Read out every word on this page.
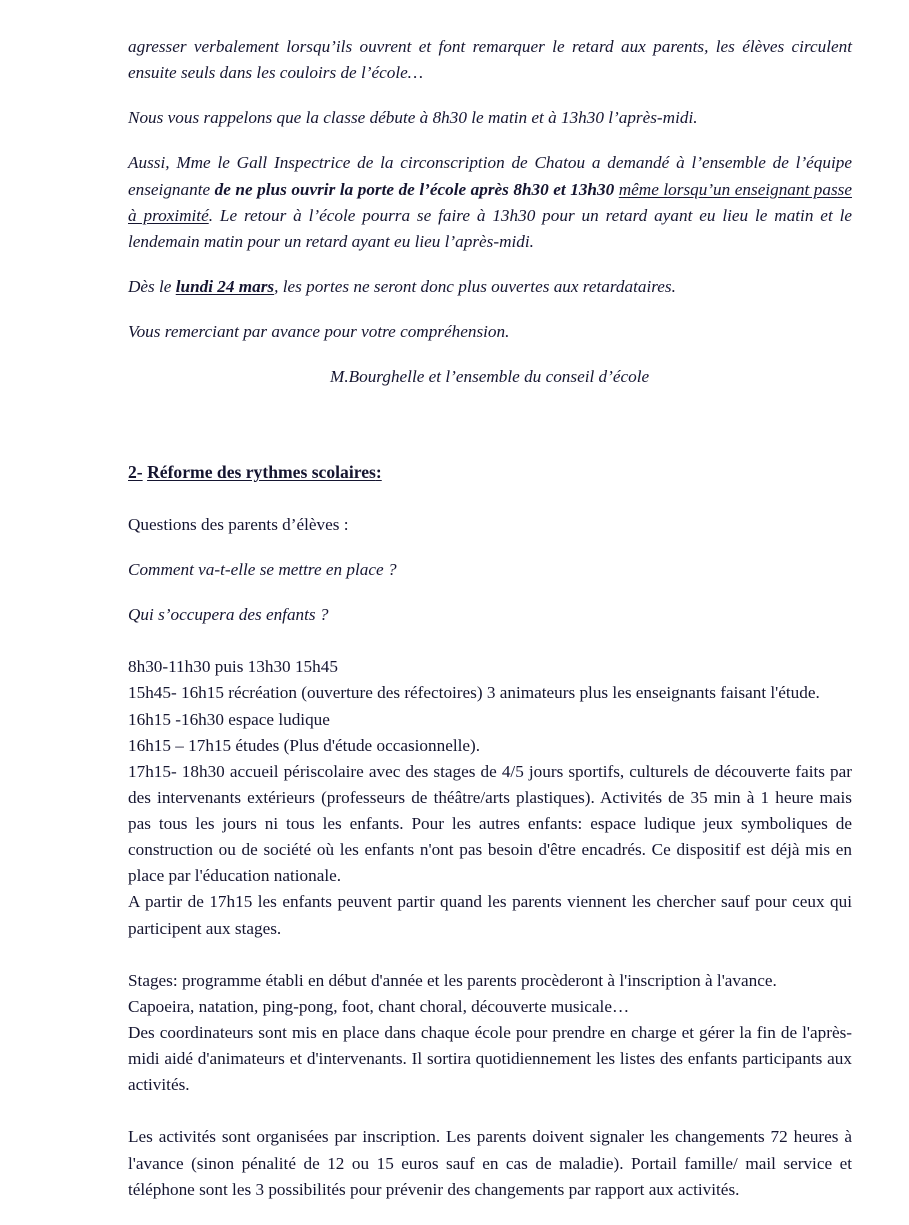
agresser verbalement lorsqu’ils ouvrent et font remarquer le retard aux parents, les élèves circulent ensuite seuls dans les couloirs de l’école…

Nous vous rappelons que la classe débute à 8h30 le matin et à 13h30 l’après-midi.

Aussi, Mme le Gall Inspectrice de la circonscription de Chatou a demandé à l’ensemble de l’équipe enseignante de ne plus ouvrir la porte de l’école après 8h30 et 13h30 même lorsqu’un enseignant passe à proximité. Le retour à l’école pourra se faire à 13h30 pour un retard ayant eu lieu le matin et le lendemain matin pour un retard ayant eu lieu l’après-midi.

Dès le lundi 24 mars, les portes ne seront donc plus ouvertes aux retardataires.

Vous remerciant par avance pour votre compréhension.

M.Bourghelle et l’ensemble du conseil d’école

2- Réforme des rythmes scolaires:

Questions des parents d’élèves :

Comment va-t-elle se mettre en place ?

Qui s’occupera des enfants ?

8h30-11h30 puis 13h30 15h45

15h45- 16h15 récréation (ouverture des réfectoires) 3 animateurs plus les enseignants faisant l'étude.

16h15 -16h30 espace ludique

16h15 – 17h15 études (Plus d'étude occasionnelle).

17h15- 18h30 accueil périscolaire avec des stages de 4/5 jours sportifs, culturels de découverte faits par des intervenants extérieurs (professeurs de théâtre/arts plastiques). Activités de 35 min à 1 heure mais pas tous les jours ni tous les enfants. Pour les autres enfants: espace ludique jeux symboliques de construction ou de société où les enfants n'ont pas besoin d'être encadrés. Ce dispositif est déjà mis en place par l'éducation nationale.

A partir de 17h15 les enfants peuvent partir quand les parents viennent les chercher sauf pour ceux qui participent aux stages.

Stages: programme établi en début d'année et les parents procèderont à l'inscription à l'avance.

Capoeira, natation, ping-pong, foot, chant choral, découverte musicale…

Des coordinateurs sont mis en place dans chaque école pour prendre en charge et gérer la fin de l'après-midi aidé d'animateurs et d'intervenants. Il sortira quotidiennement les listes des enfants participants aux activités.

Les activités sont organisées par inscription. Les parents doivent signaler les changements 72 heures à l'avance (sinon pénalité de 12 ou 15 euros sauf en cas de maladie). Portail famille/ mail service et téléphone sont les 3 possibilités pour prévenir des changements par rapport aux activités.
